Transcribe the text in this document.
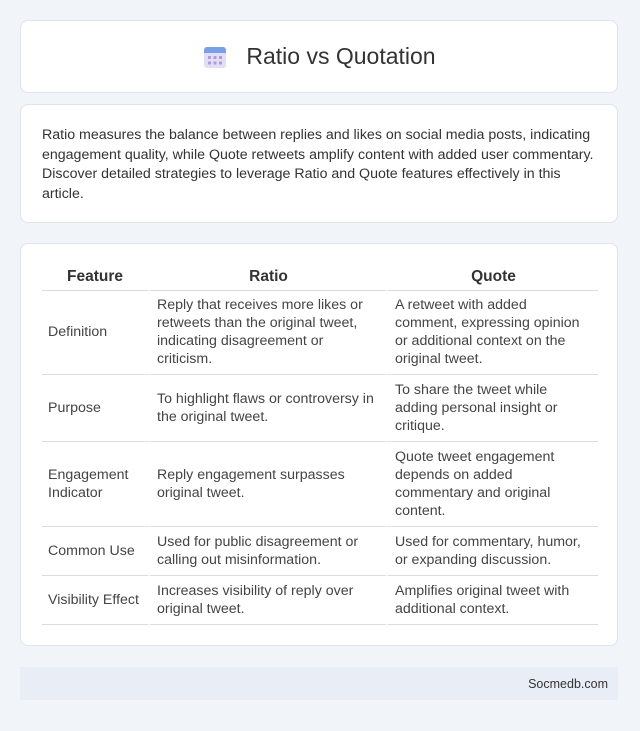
Ratio vs Quotation

Ratio measures the balance between replies and likes on social media posts, indicating engagement quality, while Quote retweets amplify content with added user commentary. Discover detailed strategies to leverage Ratio and Quote features effectively in this article.

Feature	Ratio	Quote
Definition	Reply that receives more likes or retweets than the original tweet, indicating disagreement or criticism.	A retweet with added comment, expressing opinion or additional context on the original tweet.
Purpose	To highlight flaws or controversy in the original tweet.	To share the tweet while adding personal insight or critique.
Engagement Indicator	Reply engagement surpasses original tweet.	Quote tweet engagement depends on added commentary and original content.
Common Use	Used for public disagreement or calling out misinformation.	Used for commentary, humor, or expanding discussion.
Visibility Effect	Increases visibility of reply over original tweet.	Amplifies original tweet with additional context.
Socmedb.com
